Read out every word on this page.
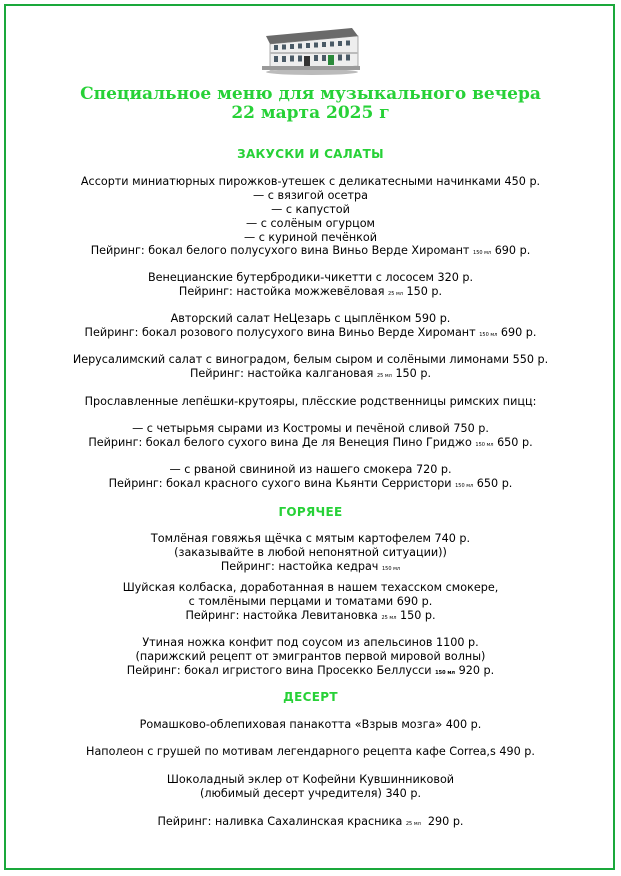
Специальное меню для музыкального вечера
22 марта 2025 г
ЗАКУСКИ И САЛАТЫ
Ассорти миниатюрных пирожков-утешек с деликатесными начинками 450 р.
— с вязигой осетра
— с капустой
— с солёным огурцом
— с куриной печёнкой
Пейринг: бокал белого полусухого вина Виньо Верде Хиромант 150 мл 690 р.
Венецианские бутербродики-чикетти с лососем 320 р.
Пейринг: настойка можжевёловая 25 мл 150 р.
Авторский салат НеЦезарь с цыплёнком 590 р.
Пейринг: бокал розового полусухого вина Виньо Верде Хиромант 150 мл 690 р.
Иерусалимский салат с виноградом, белым сыром и солёными лимонами 550 р.
Пейринг: настойка калгановая 25 мл 150 р.
Прославленные лепёшки-крутояры, плёсские родственницы римских пицц:
— с четырьмя сырами из Костромы и печёной сливой 750 р.
Пейринг: бокал белого сухого вина Де ля Венеция Пино Гриджо 150 мл 650 р.
— с рваной свининой из нашего смокера 720 р.
Пейринг: бокал красного сухого вина Кьянти Серристори 150 мл 650 р.
ГОРЯЧЕЕ
Томлёная говяжья щёчка с мятым картофелем 740 р.
(заказывайте в любой непонятной ситуации))
Пейринг: настойка кедрач 150 мл
Шуйская колбаска, доработанная в нашем техасском смокере,
с томлёными перцами и томатами 690 р.
Пейринг: настойка Левитановка 25 мл 150 р.
Утиная ножка конфит под соусом из апельсинов 1100 р.
(парижский рецепт от эмигрантов первой мировой волны)
Пейринг: бокал игристого вина Просекко Беллусси 150 мл 920 р.
ДЕСЕРТ
Ромашково-облепиховая панакотта «Взрыв мозга» 400 р.
Наполеон с грушей по мотивам легендарного рецепта кафе Correa,s 490 р.
Шоколадный эклер от Кофейни Кувшинниковой
(любимый десерт учредителя) 340 р.
Пейринг: наливка Сахалинская красника 25 мл 290 р.
